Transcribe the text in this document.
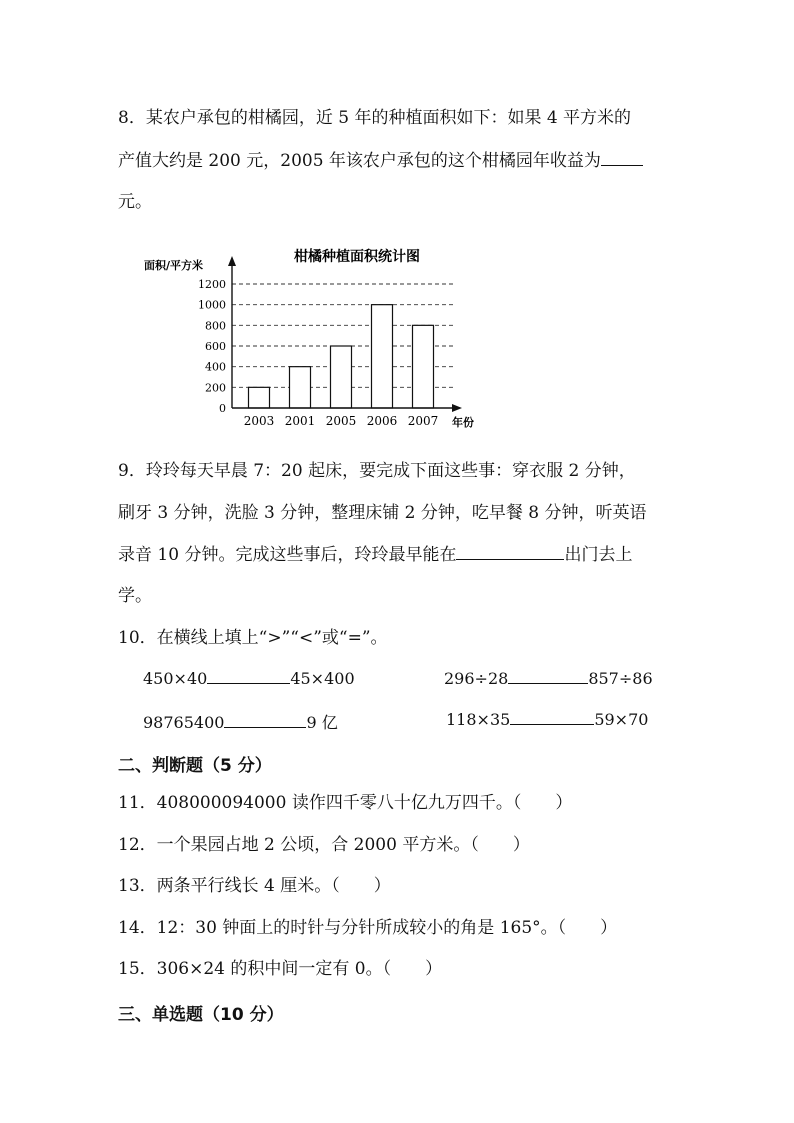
8．某农户承包的柑橘园，近 5 年的种植面积如下：如果 4 平方米的
产值大约是 200 元，2005 年该农户承包的这个柑橘园年收益为
元。
柑橘种植面积统计图
面积/平方米
年份
0
200
400
600
800
1000
1200
2003 2001 2005 2006 2007
9．玲玲每天早晨 7：20 起床，要完成下面这些事：穿衣服 2 分钟，
刷牙 3 分钟，洗脸 3 分钟，整理床铺 2 分钟，吃早餐 8 分钟，听英语
录音 10 分钟。完成这些事后，玲玲最早能在	出门去上
学。
10．在横线上填上“>”“<”或“=”。
450×40	45×400	296÷28	857÷86
98765400	9 亿	118×35	59×70
二、判断题（5 分）
11．408000094000 读作四千零八十亿九万四千。（　　）
12．一个果园占地 2 公顷，合 2000 平方米。（　　）
13．两条平行线长 4 厘米。（　　）
14．12：30 钟面上的时针与分针所成较小的角是 165°。（　　）
15．306×24 的积中间一定有 0。（　　）
三、单选题（10 分）
